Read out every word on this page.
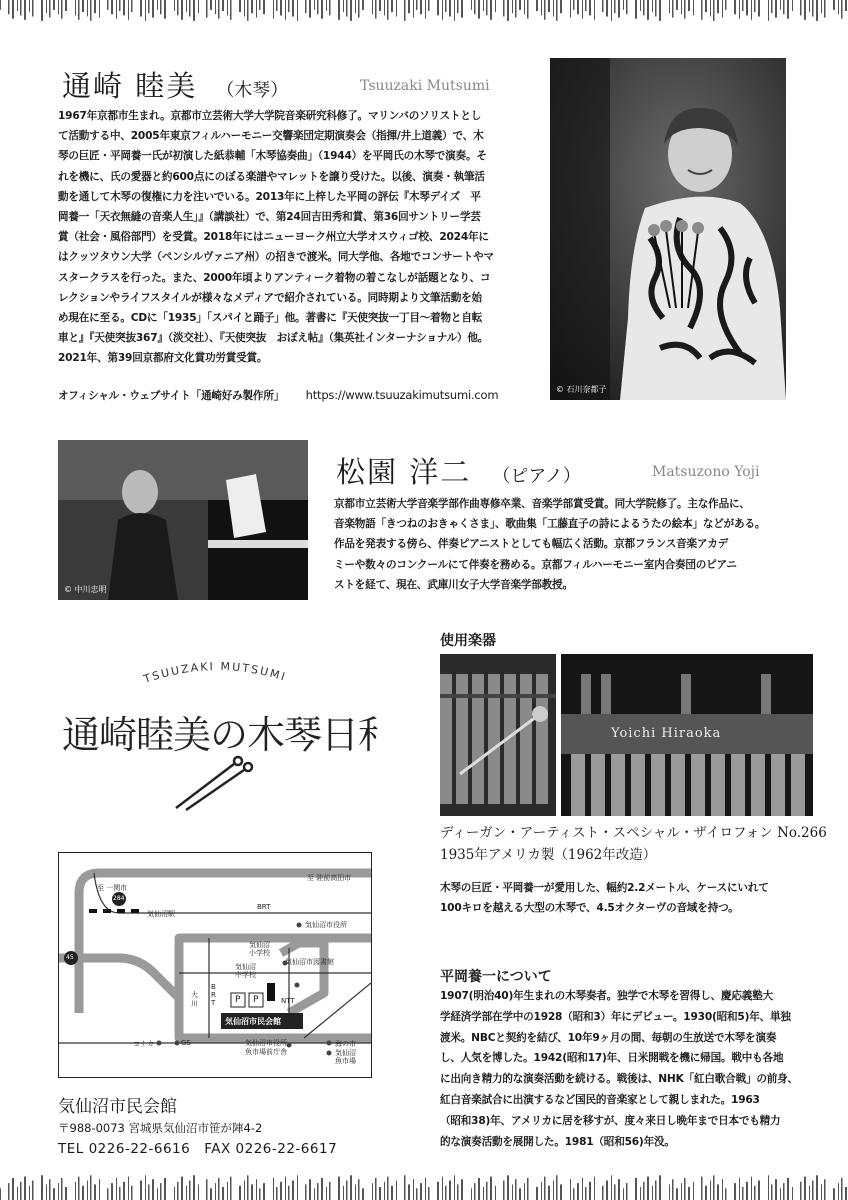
通崎 睦美 （木琴）	Tsuuzaki Mutsumi

1967年京都市生まれ。京都市立芸術大学大学院音楽研究科修了。マリンバのソリストとし

て活動する中、2005年東京フィルハーモニー交響楽団定期演奏会（指揮/井上道義）で、木

琴の巨匠・平岡養一氏が初演した紙恭輔「木琴協奏曲」（1944）を平岡氏の木琴で演奏。そ

れを機に、氏の愛器と約600点にのぼる楽譜やマレットを譲り受けた。以後、演奏・執筆活

動を通して木琴の復権に力を注いでいる。2013年に上梓した平岡の評伝『木琴デイズ　平

岡養一「天衣無縫の音楽人生」』（講談社）で、第24回吉田秀和賞、第36回サントリー学芸

賞（社会・風俗部門）を受賞。2018年にはニューヨーク州立大学オスウィゴ校、2024年に

はクッツタウン大学（ペンシルヴァニア州）の招きで渡米。同大学他、各地でコンサートやマ

スタークラスを行った。また、2000年頃よりアンティーク着物の着こなしが話題となり、コ

レクションやライフスタイルが様々なメディアで紹介されている。同時期より文筆活動を始

め現在に至る。CDに「1935」「スパイと踊子」他。著書に『天使突抜一丁目〜着物と自転

車と』『天使突抜367』（淡交社）、『天使突抜　おぼえ帖』（集英社インターナショナル）他。

2021年、第39回京都府文化賞功労賞受賞。

オフィシャル・ウェブサイト「通崎好み製作所」 https://www.tsuuzakimutsumi.com	© 石川奈都子
© 中川忠明
松園 洋二 （ピアノ）	Matsuzono Yoji

京都市立芸術大学音楽学部作曲専修卒業、音楽学部賞受賞。同大学院修了。主な作品に、

音楽物語「きつねのおきゃくさま」、歌曲集「工藤直子の詩によるうたの絵本」などがある。

作品を発表する傍ら、伴奏ピアニストとしても幅広く活動。京都フランス音楽アカデ

ミーや数々のコンクールにて伴奏を務める。京都フィルハーモニー室内合奏団のピアニ

ストを経て、現在、武庫川女子大学音楽学部教授。

TSUUZAKI MUTSUMI
通崎睦美の木琴日和
至 陸前高田市
至 一関市
284
45
気仙沼駅
BRT
気仙沼市役所
気仙沼
小学校
気仙沼
中学校
気仙沼市図書館
大
川
B
R
T P P	NTT
気仙沼市民会館
コナカ	GS	気仙沼市役所
魚市場前庁舎
海の市
気仙沼
魚市場
気仙沼市民会館
〒988-0073 宮城県気仙沼市笹が陣4-2
TEL 0226-22-6616　FAX 0226-22-6617
使用楽器
Yoichi Hiraoka
ディーガン・アーティスト・スペシャル・ザイロフォン No.266
1935年アメリカ製（1962年改造）

木琴の巨匠・平岡養一が愛用した、幅約2.2メートル、ケースにいれて

100キロを越える大型の木琴で、4.5オクターヴの音域を持つ。

平岡養一について

1907(明治40)年生まれの木琴奏者。独学で木琴を習得し、慶応義塾大

学経済学部在学中の1928（昭和3）年にデビュー。1930(昭和5)年、単独

渡米。NBCと契約を結び、10年9ヶ月の間、毎朝の生放送で木琴を演奏

し、人気を博した。1942(昭和17)年、日米開戦を機に帰国。戦中も各地

に出向き精力的な演奏活動を続ける。戦後は、NHK「紅白歌合戦」の前身、

紅白音楽試合に出演するなど国民的音楽家として親しまれた。1963

（昭和38)年、アメリカに居を移すが、度々来日し晩年まで日本でも精力

的な演奏活動を展開した。1981（昭和56)年没。
